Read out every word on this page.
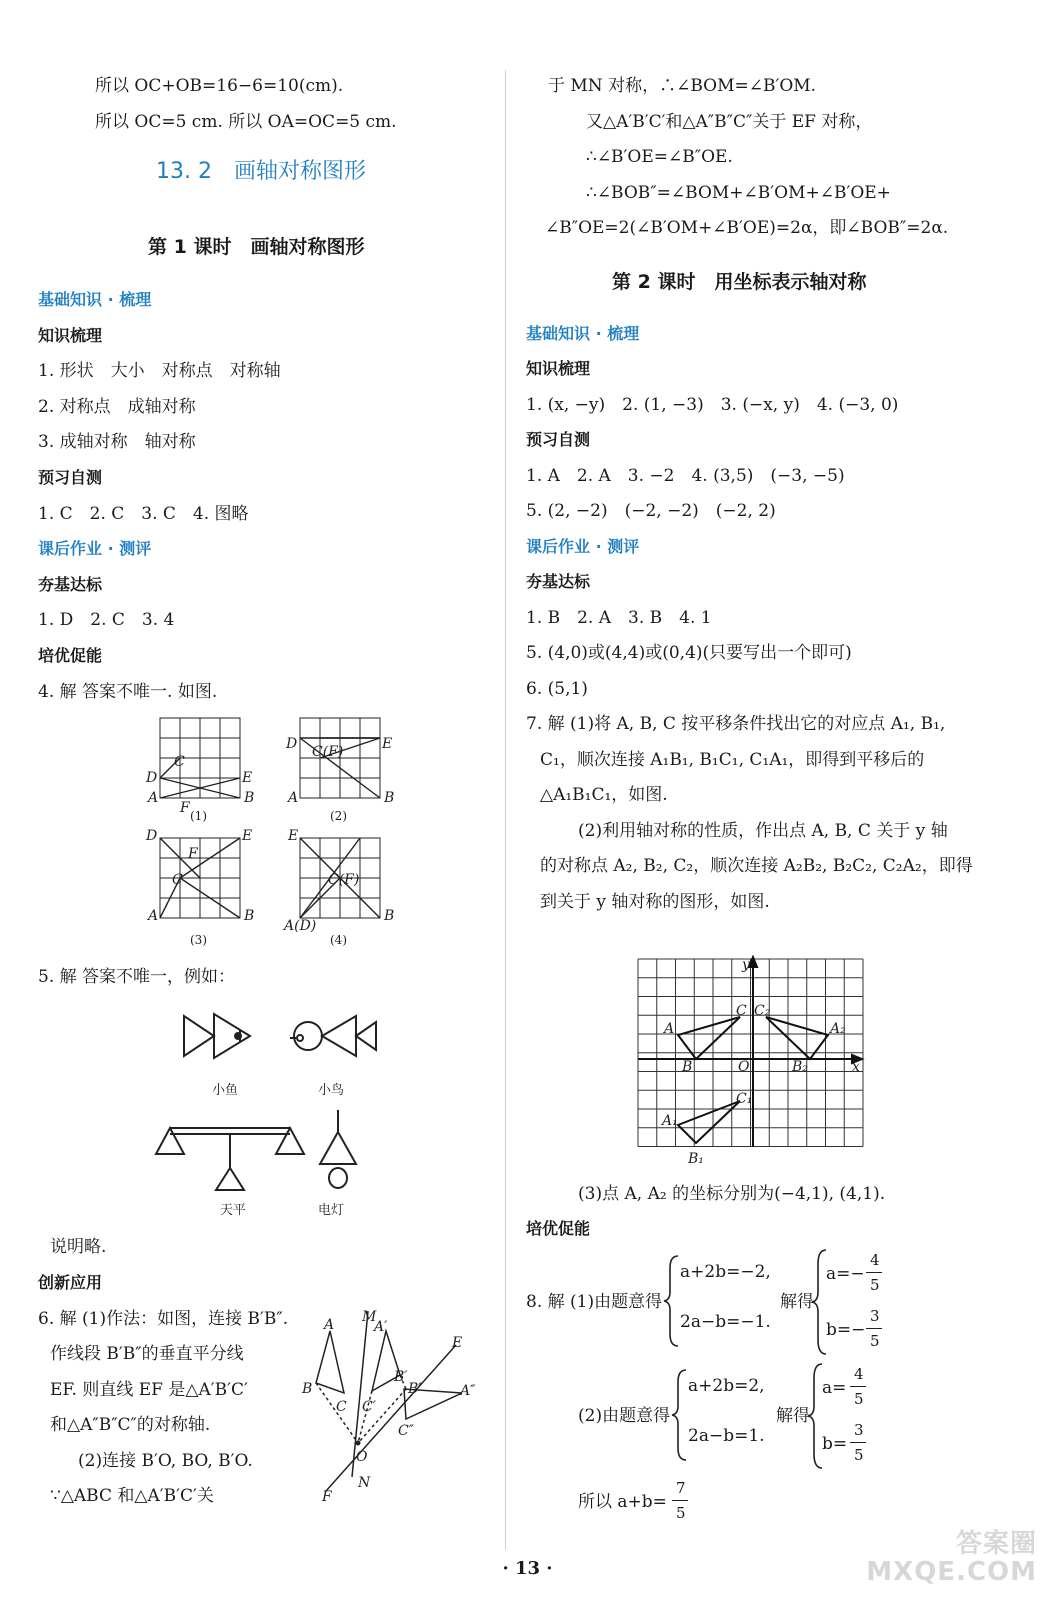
所以 OC+OB=16−6=10(cm).
所以 OC=5 cm. 所以 OA=OC=5 cm.
13. 2　画轴对称图形
第 1 课时　画轴对称图形
基础知识 · 梳理
知识梳理
1. 形状　大小　对称点　对称轴
2. 对称点　成轴对称
3. 成轴对称　轴对称
预习自测
1. C　2. C　3. C　4. 图略
课后作业 · 测评
夯基达标
1. D　2. C　3. 4
培优促能
4. 解 答案不唯一. 如图.
A	B
C
D	E
F
A	B
D	E
C(F)
A	B
D	E
F
C
E
B
C(F)
A(D)
(1)	(2)
(3)	(4)
5. 解 答案不唯一，例如：
小鱼	小鸟
天平	电灯
说明略.
创新应用
6. 解 (1)作法：如图，连接 B′B″.
作线段 B′B″的垂直平分线
EF. 则直线 EF 是△A′B′C′
和△A″B″C″的对称轴.
(2)连接 B′O, BO, B′O.
∵△ABC 和△A′B′C′关
M
N
E
F
O
A
B
C
A′
B′
C′
A″
B″
C″
于 MN 对称，∴∠BOM=∠B′OM.
又△A′B′C′和△A″B″C″关于 EF 对称，
∴∠B′OE=∠B″OE.
∴∠BOB″=∠BOM+∠B′OM+∠B′OE+
∠B″OE=2(∠B′OM+∠B′OE)=2α，即∠BOB″=2α.
第 2 课时　用坐标表示轴对称
基础知识 · 梳理
知识梳理
1. (x, −y)　2. (1, −3)　3. (−x, y)　4. (−3, 0)
预习自测
1. A　2. A　3. −2　4. (3,5)　(−3, −5)
5. (2, −2)　(−2, −2)　(−2, 2)
课后作业 · 测评
夯基达标
1. B　2. A　3. B　4. 1
5. (4,0)或(4,4)或(0,4)(只要写出一个即可)
6. (5,1)
7. 解 (1)将 A, B, C 按平移条件找出它的对应点 A₁, B₁,
C₁，顺次连接 A₁B₁, B₁C₁, C₁A₁，即得到平移后的
△A₁B₁C₁，如图.
(2)利用轴对称的性质，作出点 A, B, C 关于 y 轴
的对称点 A₂, B₂, C₂，顺次连接 A₂B₂, B₂C₂, C₂A₂，即得
到关于 y 轴对称的图形，如图.
y
x
O
A
B
C C₂
A₂
B₂
A₁
B₁
C₁
(3)点 A, A₂ 的坐标分别为(−4,1), (4,1).
培优促能
8. 解 (1)由题意得
a+2b=−2,
2a−b=−1.
解得
a=−
4
5
b=−
3
5
(2)由题意得
a+2b=2,
2a−b=1.
解得
a=
4
5
b=
3
5
所以 a+b=
7
5
· 13 ·
答案圈
MXQE.COM
